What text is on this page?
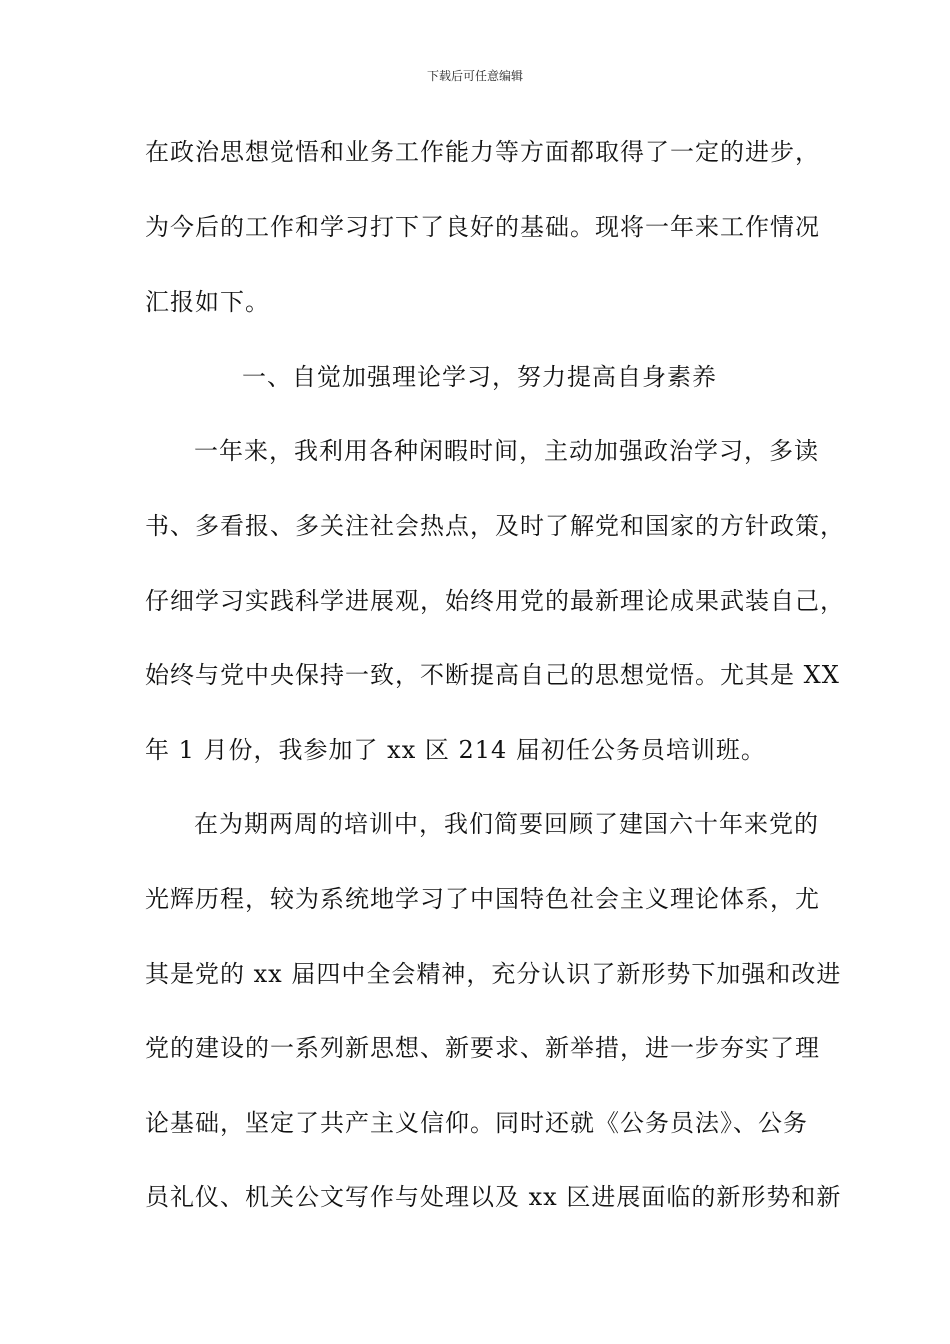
下载后可任意编辑
在政治思想觉悟和业务工作能力等方面都取得了一定的进步，
为今后的工作和学习打下了良好的基础。现将一年来工作情况
汇报如下。
一、自觉加强理论学习，努力提高自身素养
一年来，我利用各种闲暇时间，主动加强政治学习，多读
书、多看报、多关注社会热点，及时了解党和国家的方针政策，
仔细学习实践科学进展观，始终用党的最新理论成果武装自己，
始终与党中央保持一致，不断提高自己的思想觉悟。尤其是 XX
年 1 月份，我参加了 xx 区 214 届初任公务员培训班。
在为期两周的培训中，我们简要回顾了建国六十年来党的
光辉历程，较为系统地学习了中国特色社会主义理论体系，尤
其是党的 xx 届四中全会精神，充分认识了新形势下加强和改进
党的建设的一系列新思想、新要求、新举措，进一步夯实了理
论基础，坚定了共产主义信仰。同时还就《公务员法》、公务
员礼仪、机关公文写作与处理以及 xx 区进展面临的新形势和新
